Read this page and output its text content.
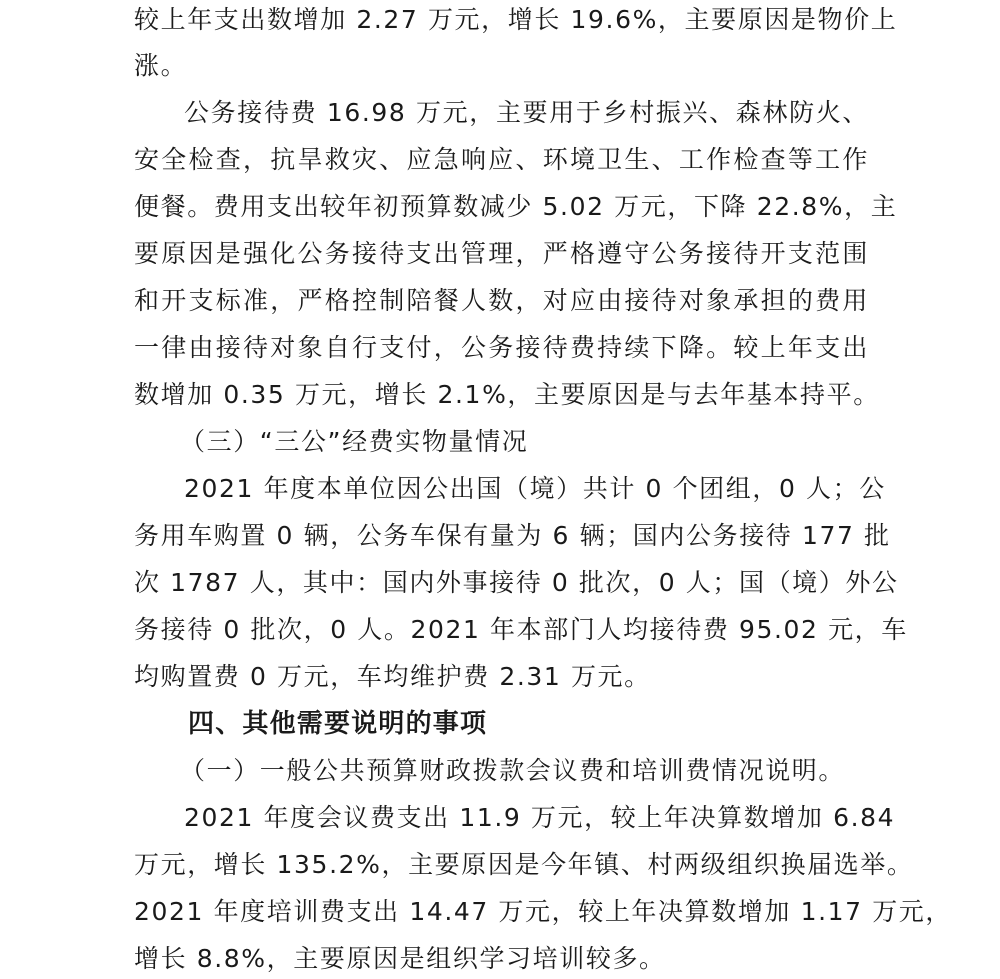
较上年支出数增加 2.27 万元，增长 19.6%，主要原因是物价上
涨。
公务接待费 16.98 万元，主要用于乡村振兴、森林防火、
安全检查，抗旱救灾、应急响应、环境卫生、工作检查等工作
便餐。费用支出较年初预算数减少 5.02 万元，下降 22.8%，主
要原因是强化公务接待支出管理，严格遵守公务接待开支范围
和开支标准，严格控制陪餐人数，对应由接待对象承担的费用
一律由接待对象自行支付，公务接待费持续下降。较上年支出
数增加 0.35 万元，增长 2.1%，主要原因是与去年基本持平。
（三）“三公”经费实物量情况
2021 年度本单位因公出国（境）共计 0 个团组，0 人；公
务用车购置 0 辆，公务车保有量为 6 辆；国内公务接待 177 批
次 1787 人，其中：国内外事接待 0 批次，0 人；国（境）外公
务接待 0 批次，0 人。2021 年本部门人均接待费 95.02 元，车
均购置费 0 万元，车均维护费 2.31 万元。
四、其他需要说明的事项
（一）一般公共预算财政拨款会议费和培训费情况说明。
2021 年度会议费支出 11.9 万元，较上年决算数增加 6.84
万元，增长 135.2%，主要原因是今年镇、村两级组织换届选举。
2021 年度培训费支出 14.47 万元，较上年决算数增加 1.17 万元，
增长 8.8%，主要原因是组织学习培训较多。
